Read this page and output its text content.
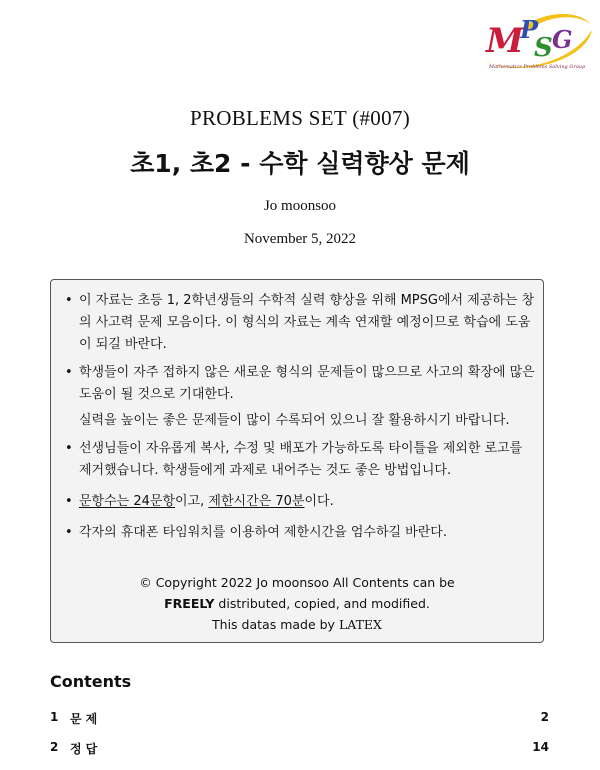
M
P
S G
Mathematics Problems Solving Group
PROBLEMS SET (#007)
초1, 초2 - 수학 실력향상 문제
Jo moonsoo
November 5, 2022
• 이 자료는 초등 1, 2학년생들의 수학적 실력 향상을 위해 MPSG에서 제공하는 창의 사고력 문제 모음이다. 이 형식의 자료는 계속 연재할 예정이므로 학습에 도움이 되길 바란다.
• 학생들이 자주 접하지 않은 새로운 형식의 문제들이 많으므로 사고의 확장에 많은 도움이 될 것으로 기대한다.
실력을 높이는 좋은 문제들이 많이 수록되어 있으니 잘 활용하시기 바랍니다.
• 선생님들이 자유롭게 복사, 수정 및 배포가 가능하도록 타이틀을 제외한 로고를 제거했습니다. 학생들에게 과제로 내어주는 것도 좋은 방법입니다.
• 문항수는 24문항이고, 제한시간은 70분이다.
• 각자의 휴대폰 타임워치를 이용하여 제한시간을 엄수하길 바란다.
© Copyright 2022 Jo moonsoo All Contents can be
FREELY distributed, copied, and modified.
This datas made by LATEX
Contents
1 문제	2
2 정답	14
